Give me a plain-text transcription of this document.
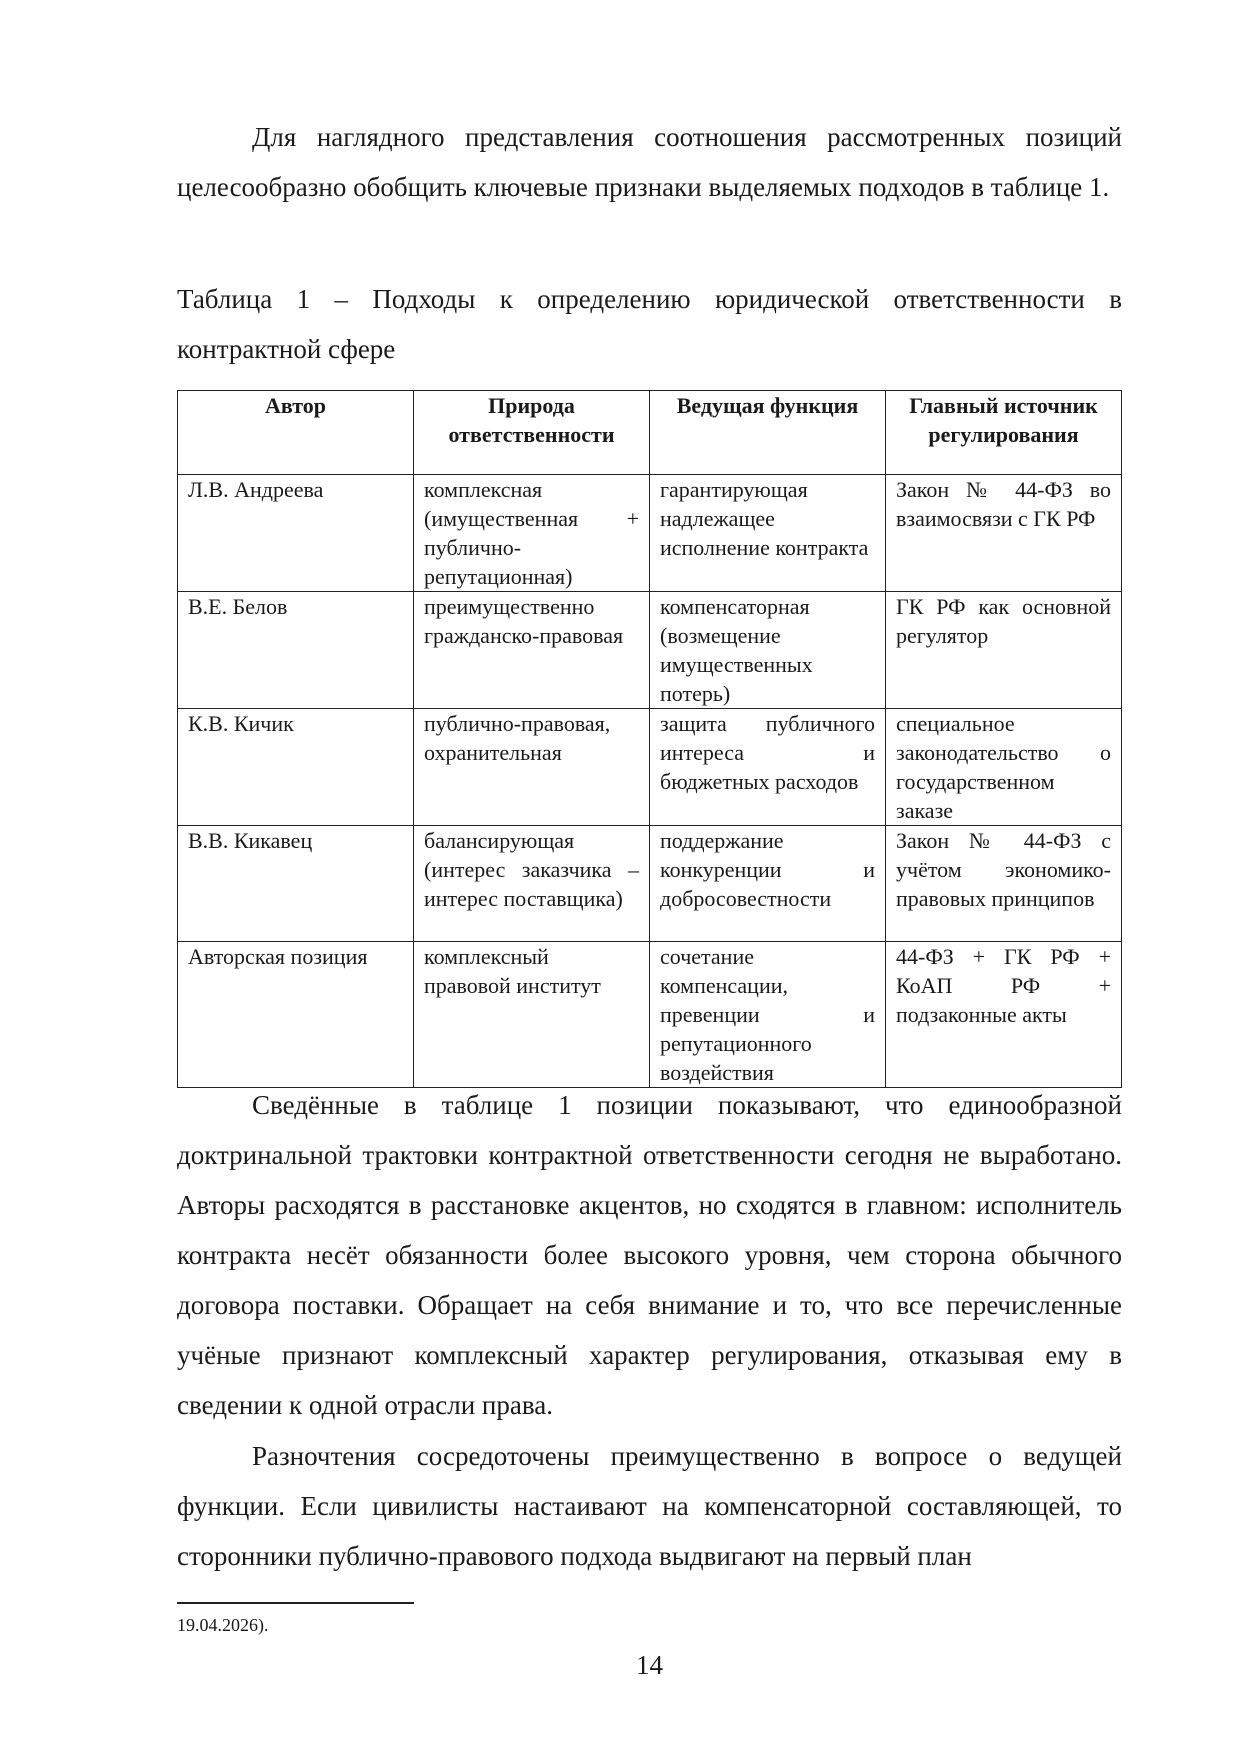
Для наглядного представления соотношения рассмотренных позиций целесообразно обобщить ключевые признаки выделяемых подходов в таблице 1.

Таблица 1 – Подходы к определению юридической ответственности в контрактной сфере

Автор	Природа ответственности	Ведущая функция	Главный источник регулирования
Л.В. Андреева	комплексная (имущественная + публично-репутационная)	гарантирующая надлежащее исполнение контракта	Закон № 44-ФЗ во взаимосвязи с ГК РФ
В.Е. Белов	преимущественно гражданско-правовая	компенсаторная (возмещение имущественных потерь)	ГК РФ как основной регулятор
К.В. Кичик	публично-правовая, охранительная	защита публичного интереса и бюджетных расходов	специальное законодательство о государственном заказе
В.В. Кикавец	балансирующая (интерес заказчика – интерес поставщика)	поддержание конкуренции и добросовестности	Закон № 44-ФЗ с учётом экономико-правовых принципов
Авторская позиция	комплексный правовой институт	сочетание компенсации, превенции и репутационного воздействия	44-ФЗ + ГК РФ + КоАП РФ + подзаконные акты

Сведённые в таблице 1 позиции показывают, что единообразной доктринальной трактовки контрактной ответственности сегодня не выработано. Авторы расходятся в расстановке акцентов, но сходятся в главном: исполнитель контракта несёт обязанности более высокого уровня, чем сторона обычного договора поставки. Обращает на себя внимание и то, что все перечисленные учёные признают комплексный характер регулирования, отказывая ему в сведении к одной отрасли права.

Разночтения сосредоточены преимущественно в вопросе о ведущей функции. Если цивилисты настаивают на компенсаторной составляющей, то сторонники публично-правового подхода выдвигают на первый план

19.04.2026).
14
